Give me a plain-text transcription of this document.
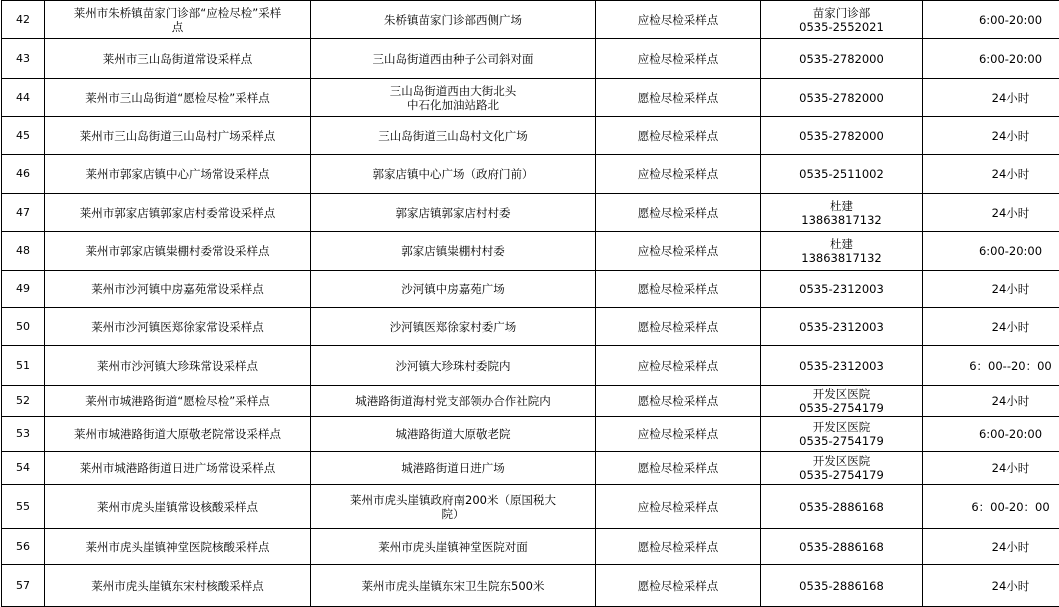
42	莱州市朱桥镇苗家门诊部“应检尽检”采样
点	朱桥镇苗家门诊部西侧广场	应检尽检采样点	苗家门诊部
0535-2552021	6:00-20:00
43	莱州市三山岛街道常设采样点	三山岛街道西由种子公司斜对面	应检尽检采样点	0535-2782000	6:00-20:00
44	莱州市三山岛街道“愿检尽检”采样点	三山岛街道西由大街北头
中石化加油站路北	愿检尽检采样点	0535-2782000	24小时
45	莱州市三山岛街道三山岛村广场采样点	三山岛街道三山岛村文化广场	愿检尽检采样点	0535-2782000	24小时
46	莱州市郭家店镇中心广场常设采样点	郭家店镇中心广场（政府门前）	应检尽检采样点	0535-2511002	24小时
47	莱州市郭家店镇郭家店村委常设采样点	郭家店镇郭家店村村委	愿检尽检采样点	杜建
13863817132	24小时
48	莱州市郭家店镇粜棚村委常设采样点	郭家店镇粜棚村村委	应检尽检采样点	杜建
13863817132	6:00-20:00
49	莱州市沙河镇中房嘉苑常设采样点	沙河镇中房嘉苑广场	愿检尽检采样点	0535-2312003	24小时
50	莱州市沙河镇医郑徐家常设采样点	沙河镇医郑徐家村委广场	愿检尽检采样点	0535-2312003	24小时
51	莱州市沙河镇大珍珠常设采样点	沙河镇大珍珠村委院内	应检尽检采样点	0535-2312003	6：00--20：00
52	莱州市城港路街道“愿检尽检”采样点	城港路街道海村党支部领办合作社院内	愿检尽检采样点	开发区医院
0535-2754179	24小时
53	莱州市城港路街道大原敬老院常设采样点	城港路街道大原敬老院	应检尽检采样点	开发区医院
0535-2754179	6:00-20:00
54	莱州市城港路街道日进广场常设采样点	城港路街道日进广场	愿检尽检采样点	开发区医院
0535-2754179	24小时
55	莱州市虎头崖镇常设核酸采样点	莱州市虎头崖镇政府南200米（原国税大
院）	应检尽检采样点	0535-2886168	6：00-20：00
56	莱州市虎头崖镇神堂医院核酸采样点	莱州市虎头崖镇神堂医院对面	愿检尽检采样点	0535-2886168	24小时
57	莱州市虎头崖镇东宋村核酸采样点	莱州市虎头崖镇东宋卫生院东500米	愿检尽检采样点	0535-2886168	24小时
